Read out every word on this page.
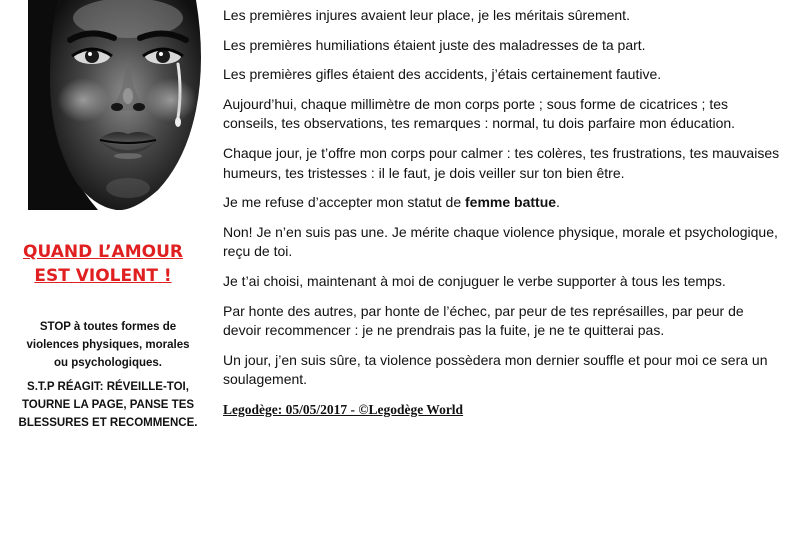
QUAND L’AMOUR
EST VIOLENT !
STOP à toutes formes de
violences physiques, morales
ou psychologiques.
S.T.P RÉAGIT: RÉVEILLE-TOI,
TOURNE LA PAGE, PANSE TES
BLESSURES ET RECOMMENCE.

Les premières injures avaient leur place, je les méritais sûrement.

Les premières humiliations étaient juste des maladresses de ta part.

Les premières gifles étaient des accidents, j’étais certainement fautive.

Aujourd’hui, chaque millimètre de mon corps porte ; sous forme de cicatrices ; tes conseils, tes observations, tes remarques : normal, tu dois parfaire mon éducation.

Chaque jour, je t’offre mon corps pour calmer : tes colères, tes frustrations, tes mauvaises humeurs, tes tristesses : il le faut, je dois veiller sur ton bien être.

Je me refuse d’accepter mon statut de femme battue.

Non! Je n’en suis pas une. Je mérite chaque violence physique, morale et psychologique, reçu de toi.

Je t’ai choisi, maintenant à moi de conjuguer le verbe supporter à tous les temps.

Par honte des autres, par honte de l’échec, par peur de tes représailles, par peur de devoir recommencer : je ne prendrais pas la fuite, je ne te quitterai pas.

Un jour, j’en suis sûre, ta violence possèdera mon dernier souffle et pour moi ce sera un soulagement.

Legodège: 05/05/2017 - ©Legodège World
